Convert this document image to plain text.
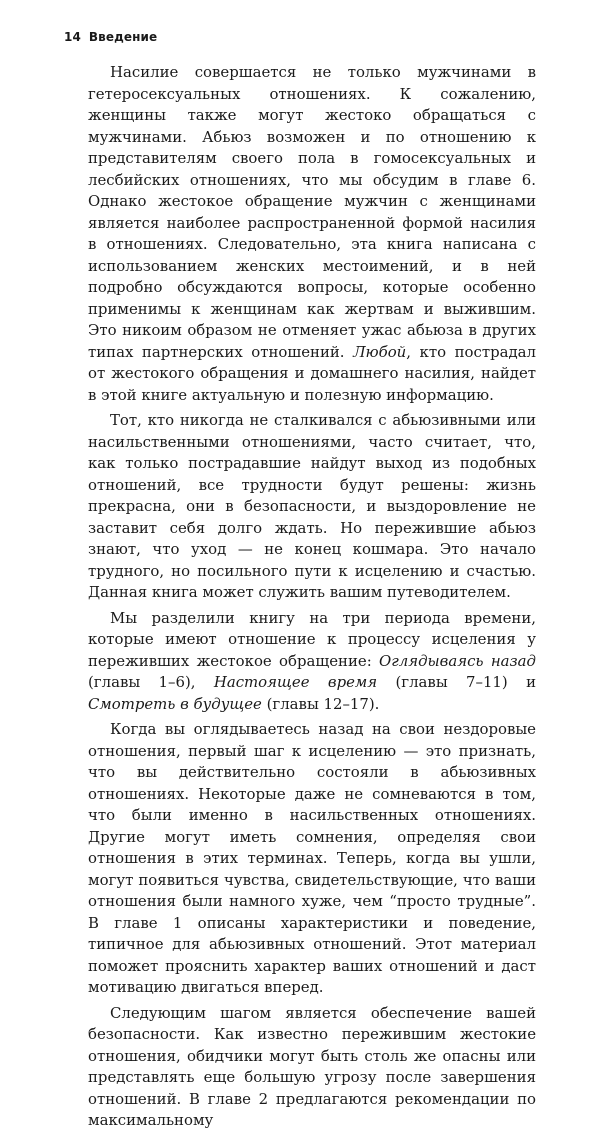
14 Введение

Насилие совершается не только мужчинами в гетеросексуальных отношениях. К сожалению, женщины также могут жестоко обращаться с мужчинами. Абьюз возможен и по отношению к представителям своего пола в гомосексуальных и лесбийских отношениях, что мы обсудим в главе 6. Однако жестокое обращение мужчин с женщинами является наиболее распространенной формой насилия в отношениях. Следовательно, эта книга написана с использованием женских местоимений, и в ней подробно обсуждаются вопросы, которые особенно применимы к женщинам как жертвам и выжившим. Это никоим образом не отменяет ужас абьюза в других типах партнерских отношений. Любой, кто пострадал от жестокого обращения и домашнего насилия, найдет в этой книге актуальную и полезную информацию.

Тот, кто никогда не сталкивался с абьюзивными или насильственными отношениями, часто считает, что, как только пострадавшие найдут выход из подобных отношений, все трудности будут решены: жизнь прекрасна, они в безопасности, и выздоровление не заставит себя долго ждать. Но пережившие абьюз знают, что уход — не конец кошмара. Это начало трудного, но посильного пути к исцелению и счастью. Данная книга может служить вашим путеводителем.

Мы разделили книгу на три периода времени, которые имеют отношение к процессу исцеления у переживших жестокое обращение: Оглядываясь назад (главы 1–6), Настоящее время (главы 7–11) и Смотреть в будущее (главы 12–17).

Когда вы оглядываетесь назад на свои нездоровые отношения, первый шаг к исцелению — это признать, что вы действительно состояли в абьюзивных отношениях. Некоторые даже не сомневаются в том, что были именно в насильственных отношениях. Другие могут иметь сомнения, определяя свои отношения в этих терминах. Теперь, когда вы ушли, могут появиться чувства, свидетельствующие, что ваши отношения были намного хуже, чем “просто трудные”. В главе 1 описаны характеристики и поведение, типичное для абьюзивных отношений. Этот материал поможет прояснить характер ваших отношений и даст мотивацию двигаться вперед.

Следующим шагом является обеспечение вашей безопасности. Как известно пережившим жестокие отношения, обидчики могут быть столь же опасны или представлять еще большую угрозу после завершения отношений. В главе 2 предлагаются рекомендации по максимальному
